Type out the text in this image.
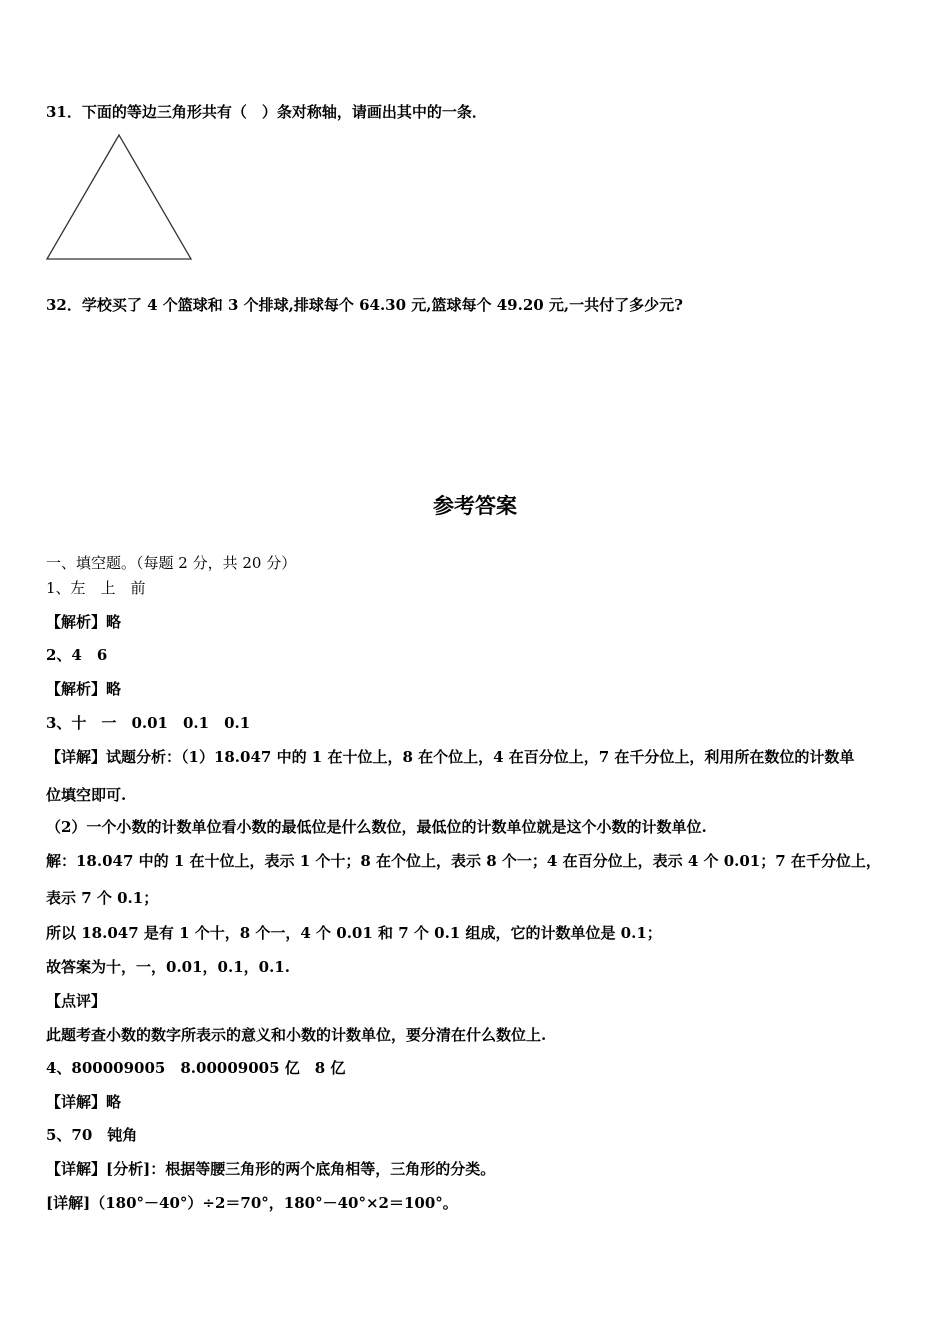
31．下面的等边三角形共有（　）条对称轴，请画出其中的一条．
32．学校买了 4 个篮球和 3 个排球,排球每个 64.30 元,篮球每个 49.20 元,一共付了多少元?
参考答案
一、填空题。（每题 2 分，共 20 分）
1、左　上　前
【解析】略
2、4　6
【解析】略
3、十　一　0.01　0.1　0.1
【详解】试题分析：（1）18.047 中的 1 在十位上，8 在个位上，4 在百分位上，7 在千分位上，利用所在数位的计数单
位填空即可.
（2）一个小数的计数单位看小数的最低位是什么数位，最低位的计数单位就是这个小数的计数单位.
解：18.047 中的 1 在十位上，表示 1 个十；8 在个位上，表示 8 个一；4 在百分位上，表示 4 个 0.01；7 在千分位上，
表示 7 个 0.1；
所以 18.047 是有 1 个十，8 个一，4 个 0.01 和 7 个 0.1 组成，它的计数单位是 0.1；
故答案为十，一，0.01，0.1，0.1.
【点评】
此题考查小数的数字所表示的意义和小数的计数单位，要分清在什么数位上.
4、800009005　8.00009005 亿　8 亿
【详解】略
5、70　钝角
【详解】[分析]：根据等腰三角形的两个底角相等，三角形的分类。
[详解]（180°－40°）÷2＝70°，180°－40°×2＝100°。
